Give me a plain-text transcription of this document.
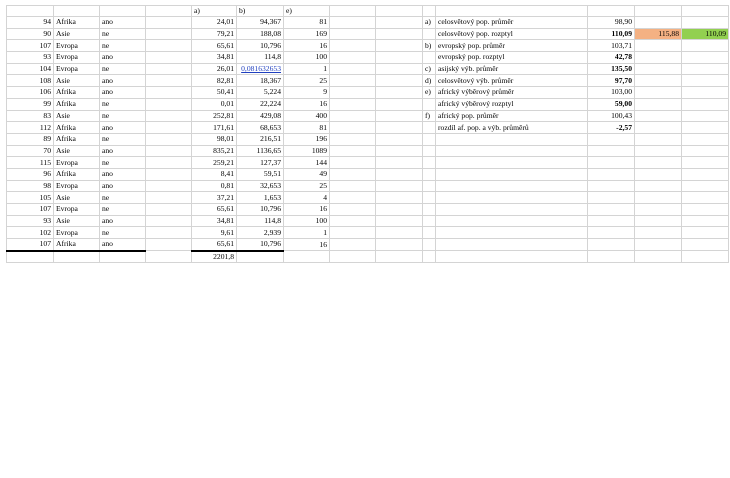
				a)	b)	e)							
94	Afrika	ano		24,01	94,367	81			a)	celosvětový pop. průměr	98,90		
90	Asie	ne		79,21	188,08	169				celosvětový pop. rozptyl	110,09	115,88	110,09
107	Evropa	ne		65,61	10,796	16			b)	evropský pop. průměr	103,71		
93	Evropa	ano		34,81	114,8	100				evropský pop. rozptyl	42,78		
104	Evropa	ne		26,01	0,081632653	1			c)	asijský výb. průměr	135,50		
108	Asie	ano		82,81	18,367	25			d)	celosvětový výb. průměr	97,70		
106	Afrika	ano		50,41	5,224	9			e)	africký výběrový průměr	103,00		
99	Afrika	ne		0,01	22,224	16				africký výběrový rozptyl	59,00		
83	Asie	ne		252,81	429,08	400			f)	africký pop. průměr	100,43		
112	Afrika	ano		171,61	68,653	81				rozdíl af. pop. a výb. průměrů	-2,57		
89	Afrika	ne		98,01	216,51	196							
70	Asie	ano		835,21	1136,65	1089							
115	Evropa	ne		259,21	127,37	144							
96	Afrika	ano		8,41	59,51	49							
98	Evropa	ano		0,81	32,653	25							
105	Asie	ne		37,21	1,653	4							
107	Evropa	ne		65,61	10,796	16							
93	Asie	ano		34,81	114,8	100							
102	Evropa	ne		9,61	2,939	1							
107	Afrika	ano		65,61	10,796	16							
				2201,8									
